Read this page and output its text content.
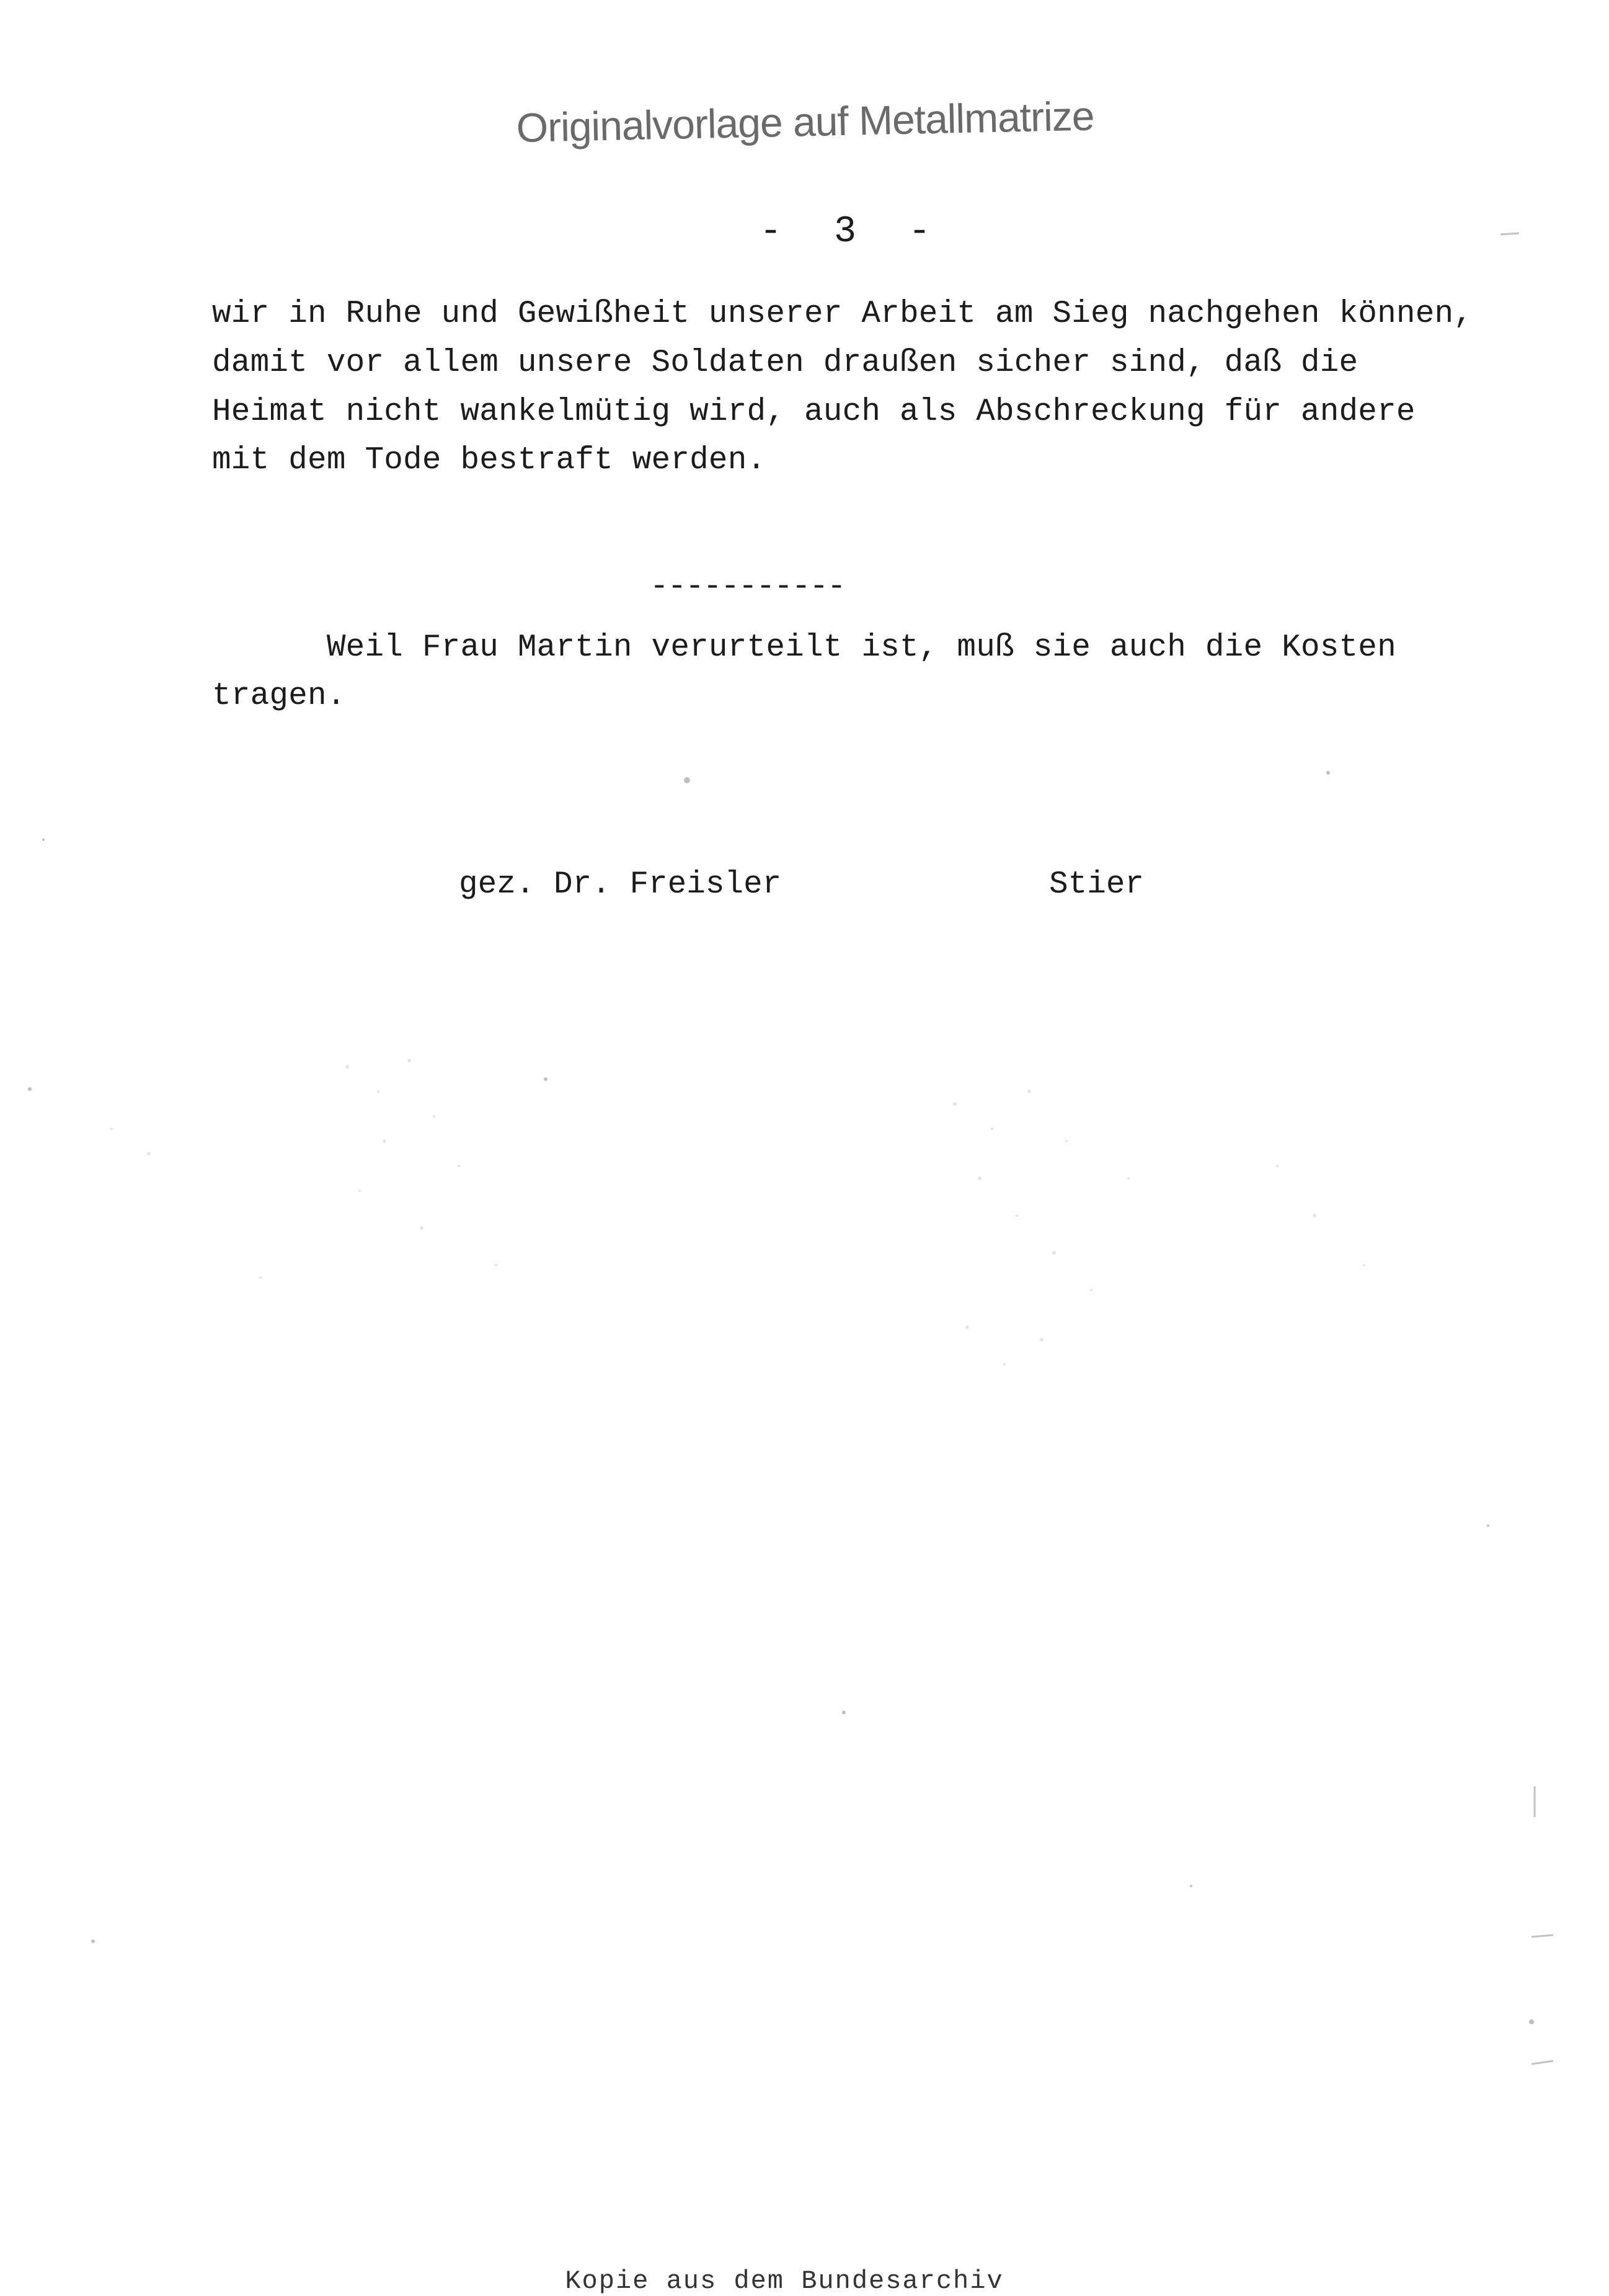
Originalvorlage auf Metallmatrize
- 3 -
wir in Ruhe und Gewißheit unserer Arbeit am Sieg nachgehen können,
damit vor allem unsere Soldaten draußen sicher sind, daß die
Heimat nicht wankelmütig wird, auch als Abschreckung für andere
mit dem Tode bestraft werden.
-----------
Weil Frau Martin verurteilt ist, muß sie auch die Kosten
tragen.
gez. Dr. Freisler	Stier
Kopie aus dem Bundesarchiv
